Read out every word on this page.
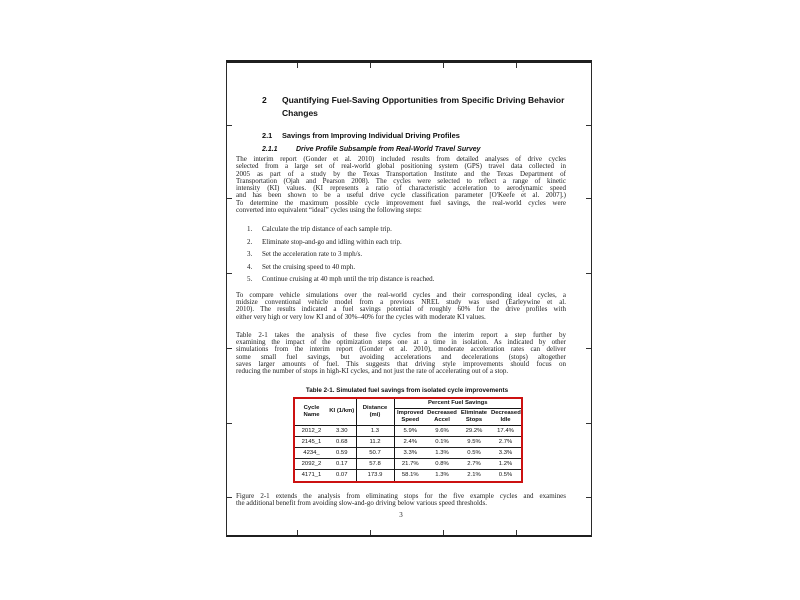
2	Quantifying Fuel-Saving Opportunities from Specific Driving Behavior Changes
2.1	Savings from Improving Individual Driving Profiles
2.1.1	Drive Profile Subsample from Real-World Travel Survey
The interim report (Gonder et al. 2010) included results from detailed analyses of drive cycles
selected from a large set of real-world global positioning system (GPS) travel data collected in
2005 as part of a study by the Texas Transportation Institute and the Texas Department of
Transportation (Ojah and Pearson 2008). The cycles were selected to reflect a range of kinetic
intensity (KI) values. (KI represents a ratio of characteristic acceleration to aerodynamic speed
and has been shown to be a useful drive cycle classification parameter [O'Keefe et al. 2007].)
To determine the maximum possible cycle improvement fuel savings, the real-world cycles were
converted into equivalent “ideal” cycles using the following steps:
1.	Calculate the trip distance of each sample trip.
2.	Eliminate stop-and-go and idling within each trip.
3.	Set the acceleration rate to 3 mph/s.
4.	Set the cruising speed to 40 mph.
5.	Continue cruising at 40 mph until the trip distance is reached.
To compare vehicle simulations over the real-world cycles and their corresponding ideal cycles, a
midsize conventional vehicle model from a previous NREL study was used (Earleywine et al.
2010). The results indicated a fuel savings potential of roughly 60% for the drive profiles with
either very high or very low KI and of 30%–40% for the cycles with moderate KI values.
Table 2-1 takes the analysis of these five cycles from the interim report a step further by
examining the impact of the optimization steps one at a time in isolation. As indicated by other
simulations from the interim report (Gonder et al. 2010), moderate acceleration rates can deliver
some small fuel savings, but avoiding accelerations and decelerations (stops) altogether
saves larger amounts of fuel. This suggests that driving style improvements should focus on
reducing the number of stops in high-KI cycles, and not just the rate of accelerating out of a stop.
Table 2-1. Simulated fuel savings from isolated cycle improvements
Cycle Name	KI (1/km)	Distance (mi)	Percent Fuel Savings			
			Improved Speed	Decreased Accel	Eliminate Stops	Decreased Idle
2012_2	3.30	1.3	5.9%	9.6%	29.2%	17.4%
2145_1	0.68	11.2	2.4%	0.1%	9.5%	2.7%
4234_	0.59	50.7	3.3%	1.3%	0.5%	3.3%
2092_2	0.17	57.8	21.7%	0.8%	2.7%	1.2%
4171_1	0.07	173.9	58.1%	1.3%	2.1%	0.5%
Figure 2-1 extends the analysis from eliminating stops for the five example cycles and examines
the additional benefit from avoiding slow-and-go driving below various speed thresholds.
3
